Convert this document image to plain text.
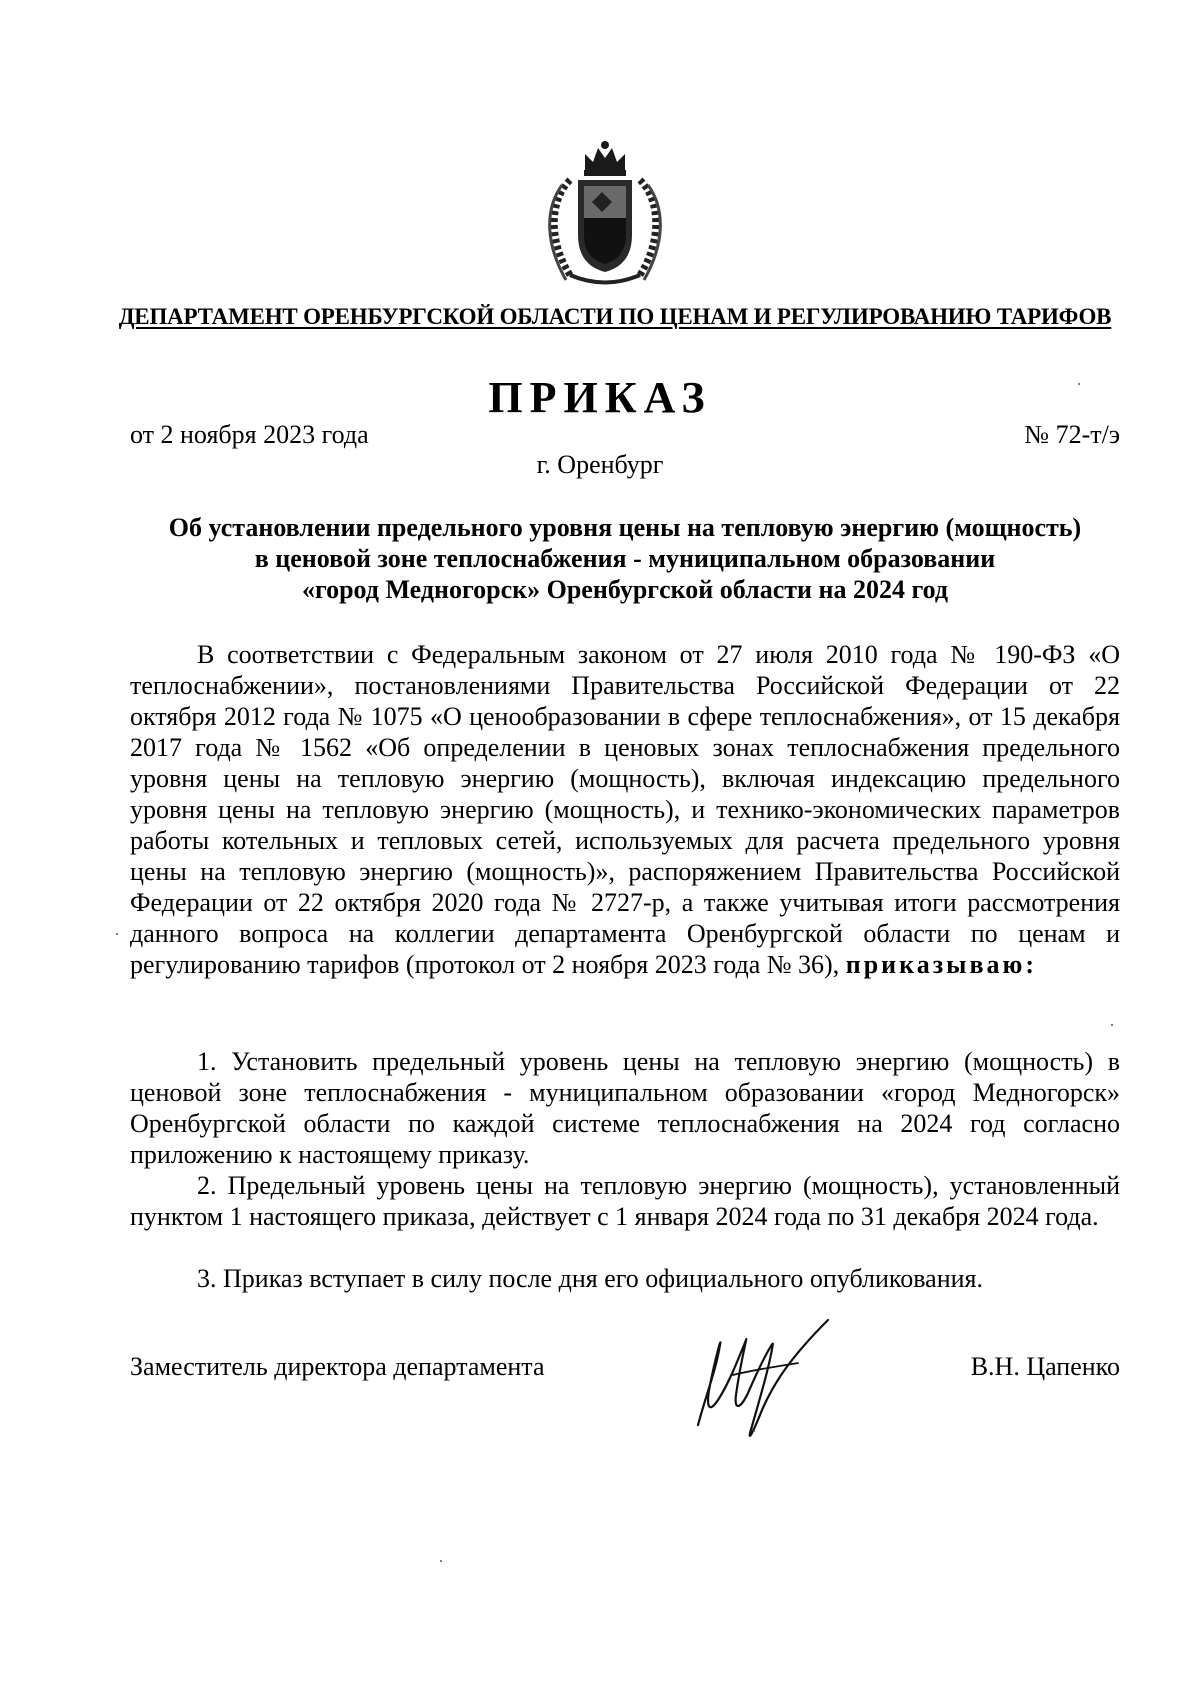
ДЕПАРТАМЕНТ ОРЕНБУРГСКОЙ ОБЛАСТИ ПО ЦЕНАМ И РЕГУЛИРОВАНИЮ ТАРИФОВ
ПРИКАЗ
от 2 ноября 2023 года	№ 72-т/э
г. Оренбург
Об установлении предельного уровня цены на тепловую энергию (мощность)
в ценовой зоне теплоснабжения - муниципальном образовании
«город Медногорск» Оренбургской области на 2024 год

В соответствии с Федеральным законом от 27 июля 2010 года № 190-ФЗ «О теплоснабжении», постановлениями Правительства Российской Федерации от 22 октября 2012 года № 1075 «О ценообразовании в сфере теплоснабжения», от 15 декабря 2017 года № 1562 «Об определении в ценовых зонах теплоснабжения предельного уровня цены на тепловую энергию (мощность), включая индексацию предельного уровня цены на тепловую энергию (мощность), и технико-экономических параметров работы котельных и тепловых сетей, используемых для расчета предельного уровня цены на тепловую энергию (мощность)», распоряжением Правительства Российской Федерации от 22 октября 2020 года № 2727-р, а также учитывая итоги рассмотрения данного вопроса на коллегии департамента Оренбургской области по ценам и регулированию тарифов (протокол от 2 ноября 2023 года № 36), приказываю:

1. Установить предельный уровень цены на тепловую энергию (мощность) в ценовой зоне теплоснабжения - муниципальном образовании «город Медногорск» Оренбургской области по каждой системе теплоснабжения на 2024 год согласно приложению к настоящему приказу.

2. Предельный уровень цены на тепловую энергию (мощность), установленный пунктом 1 настоящего приказа, действует с 1 января 2024 года по 31 декабря 2024 года.

3. Приказ вступает в силу после дня его официального опубликования.

Заместитель директора департамента	В.Н. Цапенко
